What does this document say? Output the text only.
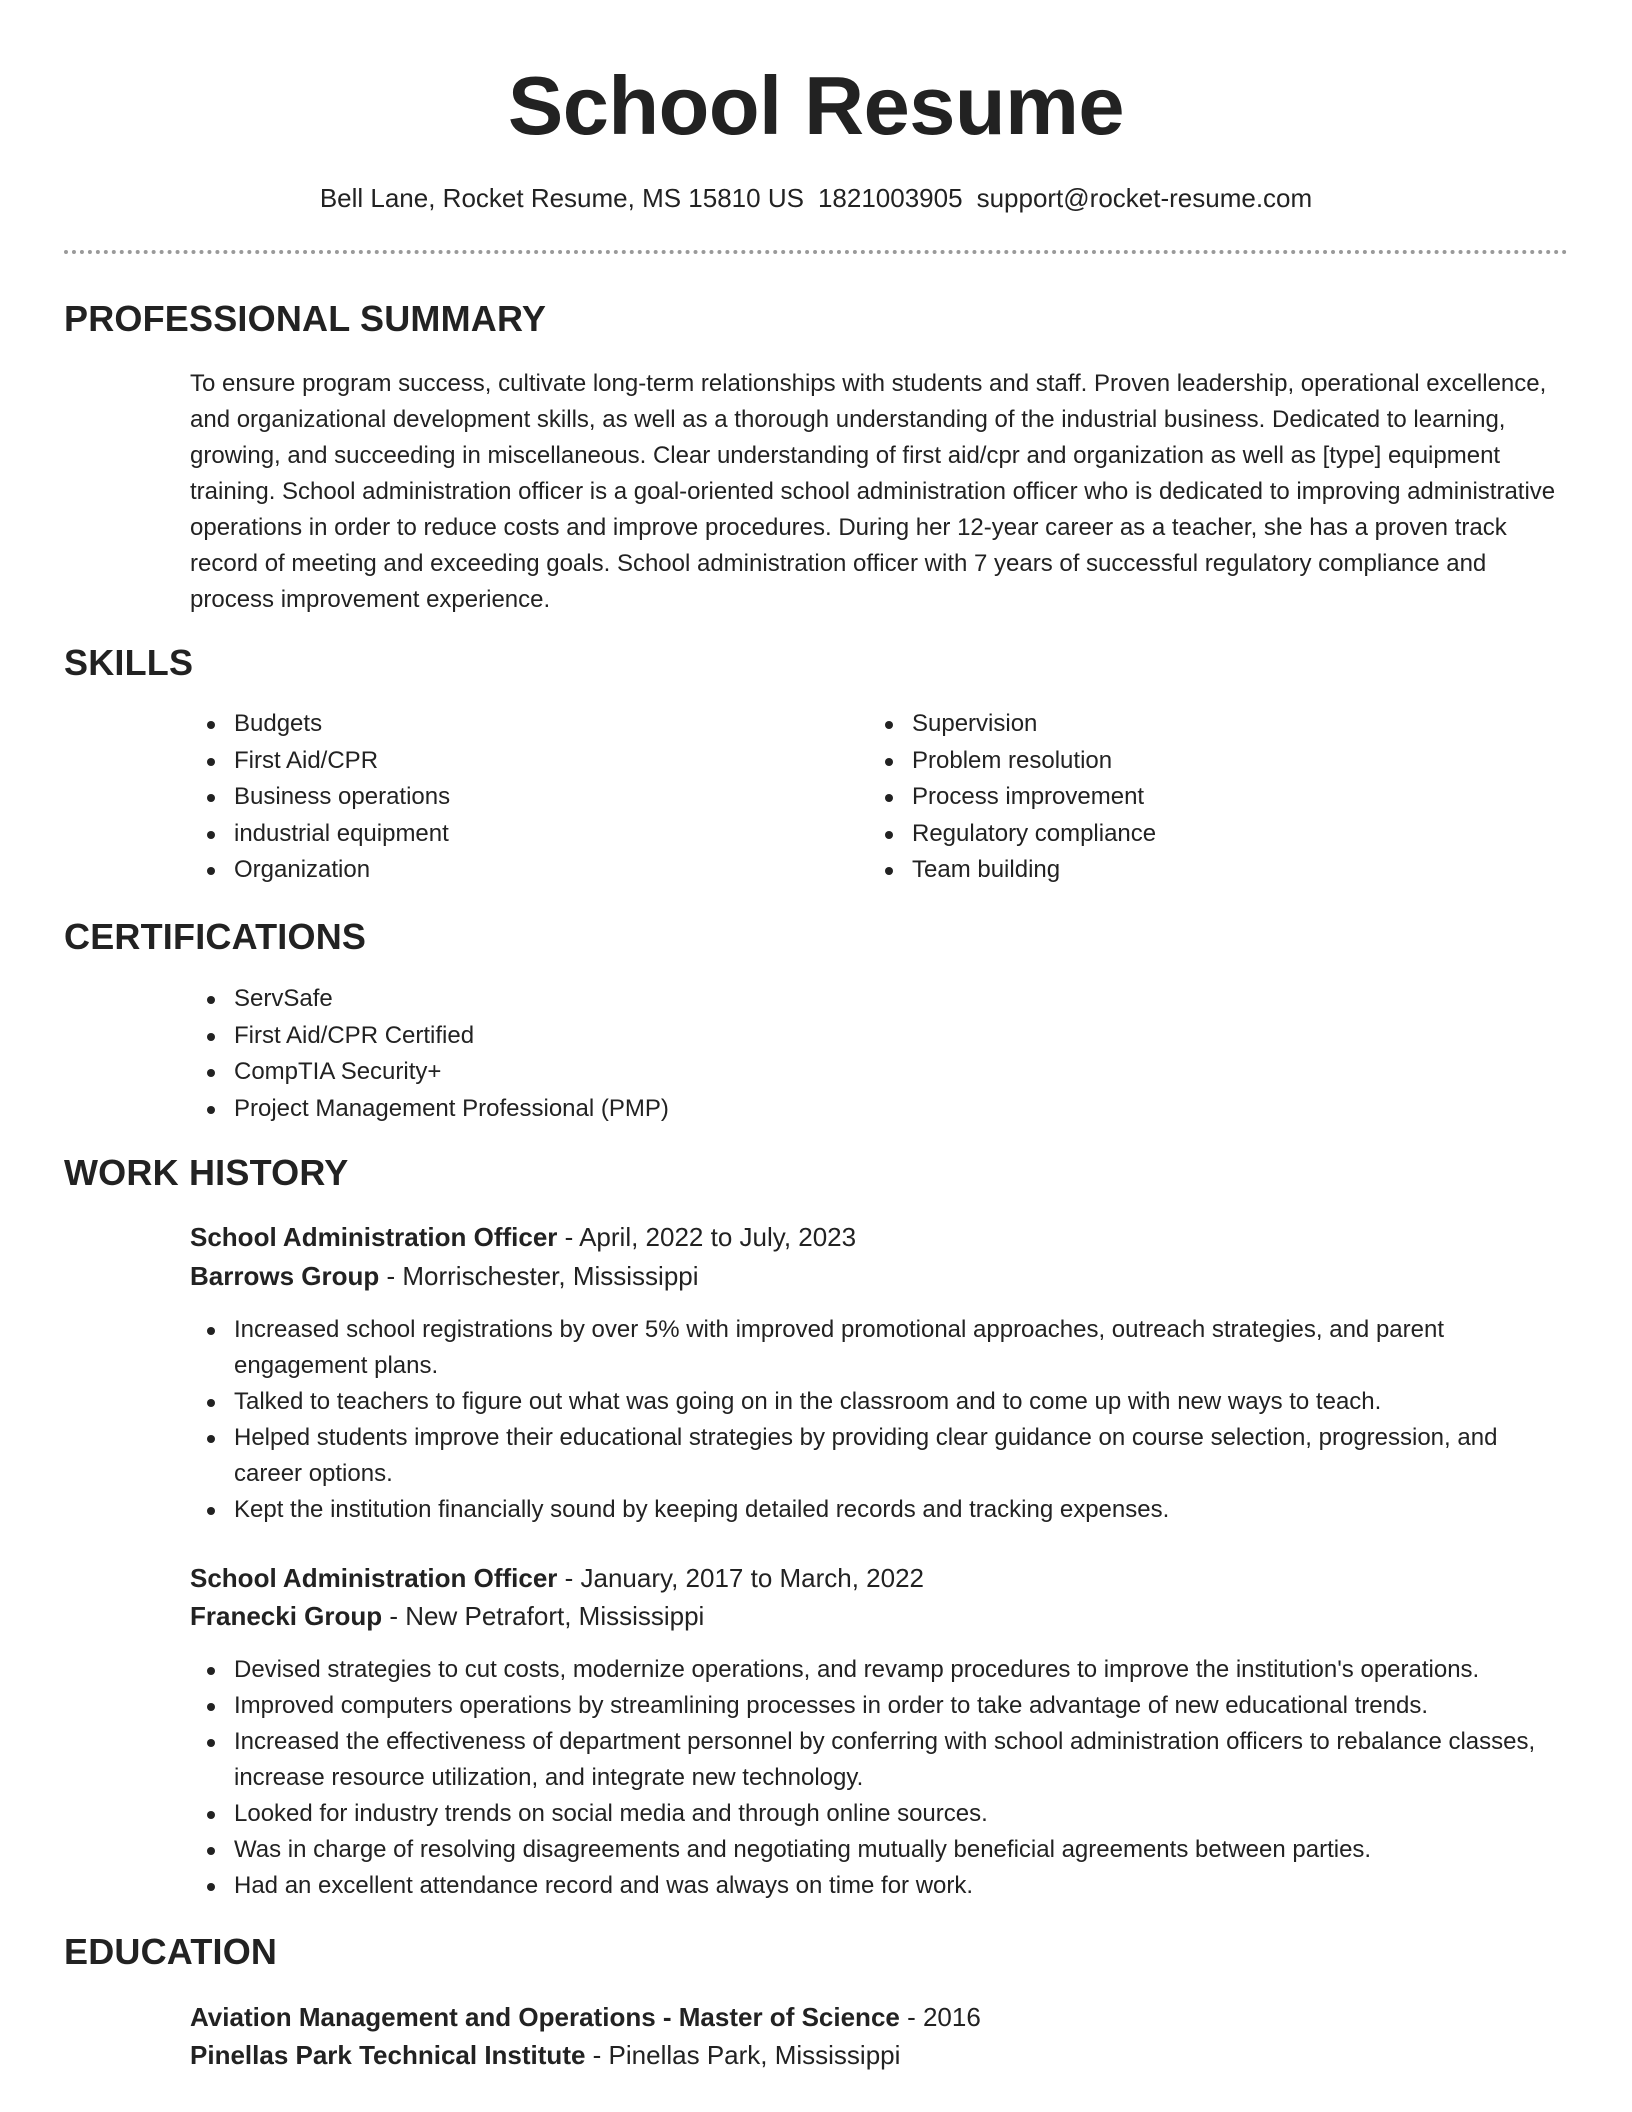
School Resume
Bell Lane, Rocket Resume, MS 15810 US 1821003905 support@rocket-resume.com
PROFESSIONAL SUMMARY

To ensure program success, cultivate long-term relationships with students and staff. Proven leadership, operational excellence, and organizational development skills, as well as a thorough understanding of the industrial business. Dedicated to learning, growing, and succeeding in miscellaneous. Clear understanding of first aid/cpr and organization as well as [type] equipment training. School administration officer is a goal-oriented school administration officer who is dedicated to improving administrative operations in order to reduce costs and improve procedures. During her 12-year career as a teacher, she has a proven track record of meeting and exceeding goals. School administration officer with 7 years of successful regulatory compliance and process improvement experience.

SKILLS
Budgets
First Aid/CPR
Business operations
industrial equipment
Organization
Supervision
Problem resolution
Process improvement
Regulatory compliance
Team building
CERTIFICATIONS
ServSafe
First Aid/CPR Certified
CompTIA Security+
Project Management Professional (PMP)
WORK HISTORY
School Administration Officer - April, 2022 to July, 2023
Barrows Group - Morrischester, Mississippi
Increased school registrations by over 5% with improved promotional approaches, outreach strategies, and parent engagement plans.
Talked to teachers to figure out what was going on in the classroom and to come up with new ways to teach.
Helped students improve their educational strategies by providing clear guidance on course selection, progression, and career options.
Kept the institution financially sound by keeping detailed records and tracking expenses.
School Administration Officer - January, 2017 to March, 2022
Franecki Group - New Petrafort, Mississippi
Devised strategies to cut costs, modernize operations, and revamp procedures to improve the institution's operations.
Improved computers operations by streamlining processes in order to take advantage of new educational trends.
Increased the effectiveness of department personnel by conferring with school administration officers to rebalance classes, increase resource utilization, and integrate new technology.
Looked for industry trends on social media and through online sources.
Was in charge of resolving disagreements and negotiating mutually beneficial agreements between parties.
Had an excellent attendance record and was always on time for work.
EDUCATION
Aviation Management and Operations - Master of Science - 2016
Pinellas Park Technical Institute - Pinellas Park, Mississippi
